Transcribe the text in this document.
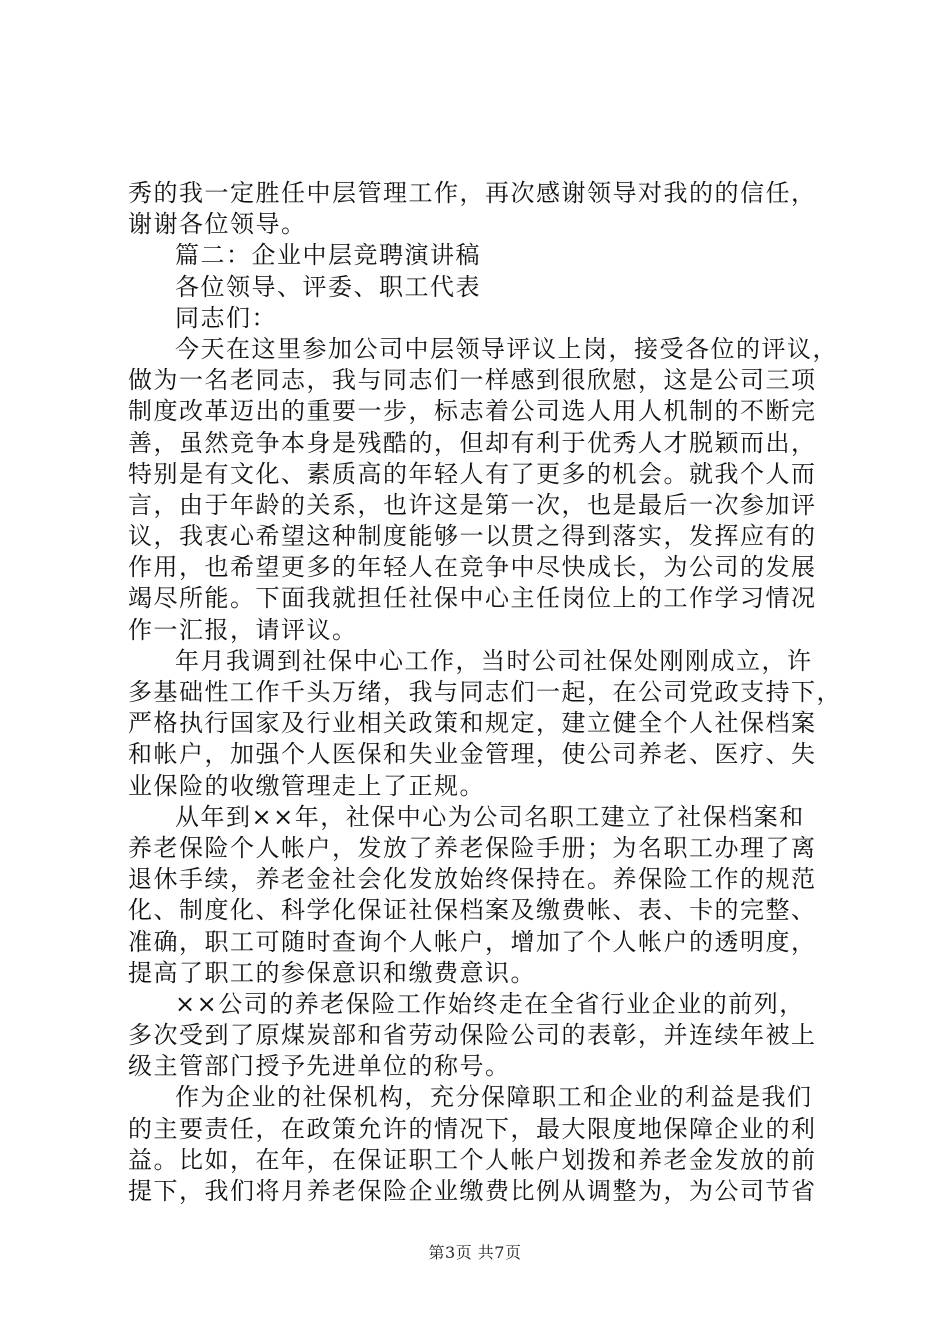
秀的我一定胜任中层管理工作，再次感谢领导对我的的信任，
谢谢各位领导。
篇二：企业中层竞聘演讲稿
各位领导、评委、职工代表
同志们：
今天在这里参加公司中层领导评议上岗，接受各位的评议，
做为一名老同志，我与同志们一样感到很欣慰，这是公司三项
制度改革迈出的重要一步，标志着公司选人用人机制的不断完
善，虽然竞争本身是残酷的，但却有利于优秀人才脱颖而出，
特别是有文化、素质高的年轻人有了更多的机会。就我个人而
言，由于年龄的关系，也许这是第一次，也是最后一次参加评
议，我衷心希望这种制度能够一以贯之得到落实，发挥应有的
作用，也希望更多的年轻人在竞争中尽快成长，为公司的发展
竭尽所能。下面我就担任社保中心主任岗位上的工作学习情况
作一汇报，请评议。
年月我调到社保中心工作，当时公司社保处刚刚成立，许
多基础性工作千头万绪，我与同志们一起，在公司党政支持下，
严格执行国家及行业相关政策和规定，建立健全个人社保档案
和帐户，加强个人医保和失业金管理，使公司养老、医疗、失
业保险的收缴管理走上了正规。
从年到××年，社保中心为公司名职工建立了社保档案和
养老保险个人帐户，发放了养老保险手册；为名职工办理了离
退休手续，养老金社会化发放始终保持在。养保险工作的规范
化、制度化、科学化保证社保档案及缴费帐、表、卡的完整、
准确，职工可随时查询个人帐户，增加了个人帐户的透明度，
提高了职工的参保意识和缴费意识。
××公司的养老保险工作始终走在全省行业企业的前列，
多次受到了原煤炭部和省劳动保险公司的表彰，并连续年被上
级主管部门授予先进单位的称号。
作为企业的社保机构，充分保障职工和企业的利益是我们
的主要责任，在政策允许的情况下，最大限度地保障企业的利
益。比如，在年，在保证职工个人帐户划拨和养老金发放的前
提下，我们将月养老保险企业缴费比例从调整为，为公司节省
第3页 共7页
